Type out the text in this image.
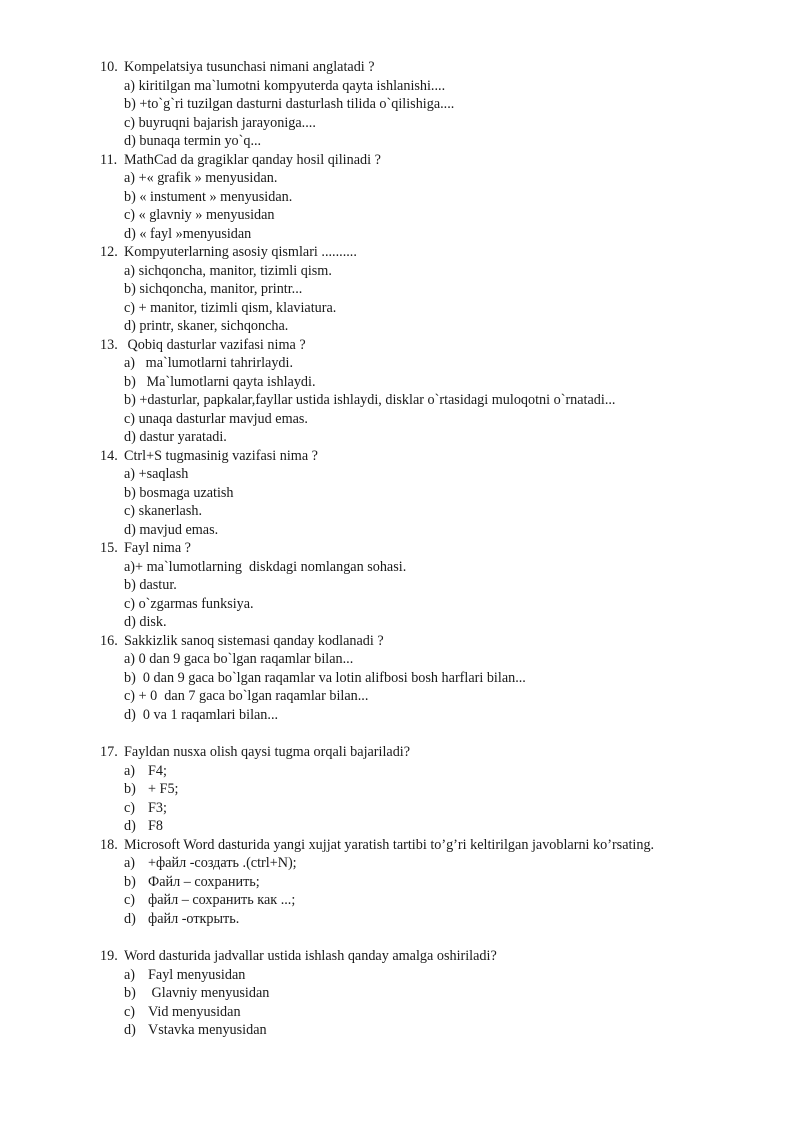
10. Kompelatsiya tusunchasi nimani anglatadi ?
a) kiritilgan ma`lumotni kompyuterda qayta ishlanishi....
b) +to`g`ri tuzilgan dasturni dasturlash tilida o`qilishiga....
c) buyruqni bajarish jarayoniga....
d) bunaqa termin yo`q...
11. MathCad da gragiklar qanday hosil qilinadi ?
a) +« grafik » menyusidan.
b) « instument » menyusidan.
c) « glavniy » menyusidan
d) « fayl »menyusidan
12. Kompyuterlarning asosiy qismlari ..........
a) sichqoncha, manitor, tizimli qism.
b) sichqoncha, manitor, printr...
c) + manitor, tizimli qism, klaviatura.
d) printr, skaner, sichqoncha.
13. Qobiq dasturlar vazifasi nima ?
a)   ma`lumotlarni tahrirlaydi.
b)   Ma`lumotlarni qayta ishlaydi.
b) +dasturlar, papkalar,fayllar ustida ishlaydi, disklar o`rtasidagi muloqotni o`rnatadi...
c) unaqa dasturlar mavjud emas.
d) dastur yaratadi.
14. Ctrl+S tugmasinig vazifasi nima ?
a) +saqlash
b) bosmaga uzatish
c) skanerlash.
d) mavjud emas.
15. Fayl nima ?
a)+ ma`lumotlarning  diskdagi nomlangan sohasi.
b) dastur.
c) o`zgarmas funksiya.
d) disk.
16. Sakkizlik sanoq sistemasi qanday kodlanadi ?
a) 0 dan 9 gaca bo`lgan raqamlar bilan...
b)  0 dan 9 gaca bo`lgan raqamlar va lotin alifbosi bosh harflari bilan...
c) + 0  dan 7 gaca bo`lgan raqamlar bilan...
d)  0 va 1 raqamlari bilan...
17. Fayldan nusxa olish qaysi tugma orqali bajariladi?
a) F4;
b) + F5;
c) F3;
d) F8
18. Microsoft Word dasturida yangi xujjat yaratish tartibi to’g’ri keltirilgan javoblarni ko’rsating.
a) +файл -создать .(ctrl+N);
b) Файл – сохранить;
c) файл – сохранить как ...;
d) файл -открыть.
19. Word dasturida jadvallar ustida ishlash qanday amalga oshiriladi?
a) Fayl menyusidan
b) Glavniy menyusidan
c) Vid menyusidan
d) Vstavka menyusidan
